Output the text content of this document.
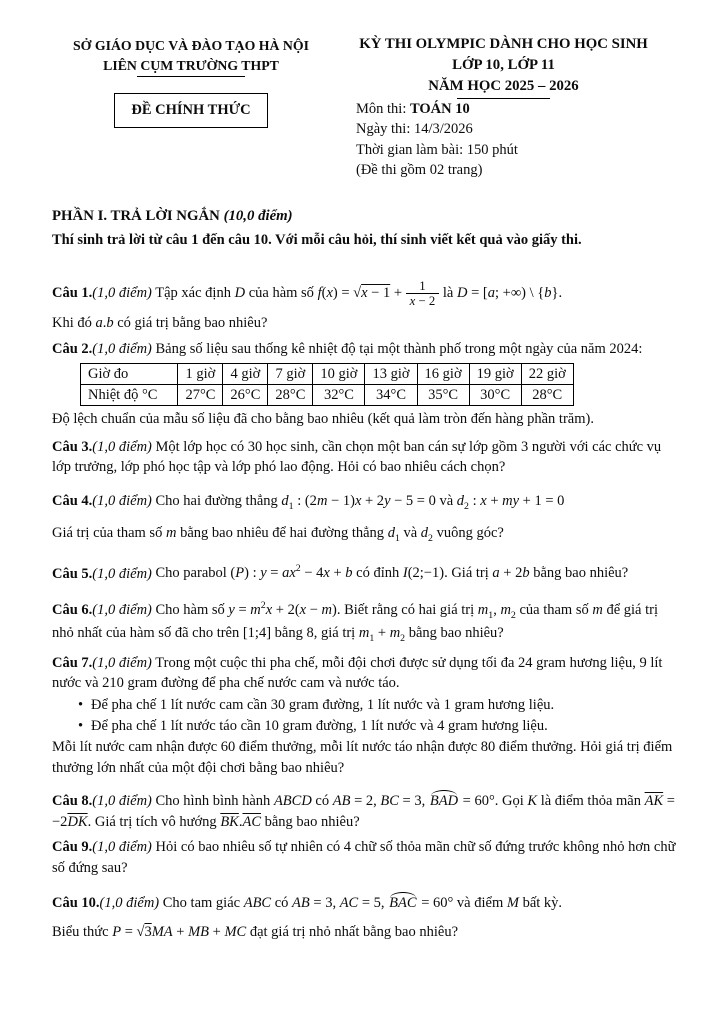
SỞ GIÁO DỤC VÀ ĐÀO TẠO HÀ NỘI
LIÊN CỤM TRƯỜNG THPT
ĐỀ CHÍNH THỨC
KỲ THI OLYMPIC DÀNH CHO HỌC SINH
LỚP 10, LỚP 11
NĂM HỌC 2025 – 2026
Môn thi: TOÁN 10
Ngày thi: 14/3/2026
Thời gian làm bài: 150 phút
(Đề thi gồm 02 trang)
PHẦN I. TRẢ LỜI NGẮN (10,0 điểm)
Thí sinh trả lời từ câu 1 đến câu 10. Với mỗi câu hỏi, thí sinh viết kết quả vào giấy thi.

Câu 1.(1,0 điểm) Tập xác định D của hàm số $f(x) = √x - 1 + \frac{1}{x - 2}$ là D = [a; +∞) \ {b}.

Khi đó a.b có giá trị bằng bao nhiêu?

Câu 2.(1,0 điểm) Bảng số liệu sau thống kê nhiệt độ tại một thành phố trong một ngày của năm 2024:

Giờ đo	1 giờ	4 giờ	7 giờ	10 giờ	13 giờ	16 giờ	19 giờ	22 giờ
Nhiệt độ °C	27°C	26°C	28°C	32°C	34°C	35°C	30°C	28°C

Độ lệch chuẩn của mẫu số liệu đã cho bằng bao nhiêu (kết quả làm tròn đến hàng phần trăm).

Câu 3.(1,0 điểm) Một lớp học có 30 học sinh, cần chọn một ban cán sự lớp gồm 3 người với các chức vụ lớp trưởng, lớp phó học tập và lớp phó lao động. Hỏi có bao nhiêu cách chọn?

Câu 4.(1,0 điểm) Cho hai đường thẳng $d_1$ : (2m − 1)x + 2y − 5 = 0 và $d_2$ : x + my + 1 = 0

Giá trị của tham số m bằng bao nhiêu để hai đường thẳng $d_1$ và $d_2$ vuông góc?

Câu 5.(1,0 điểm) Cho parabol (P) : $y = ax^2 - 4x + b$ có đỉnh I(2;−1). Giá trị a + 2b bằng bao nhiêu?

Câu 6.(1,0 điểm) Cho hàm số $y = m^2x + 2(x - m)$. Biết rằng có hai giá trị $m_1$, $m_2$ của tham số m để giá trị nhỏ nhất của hàm số đã cho trên [1;4] bằng 8, giá trị $m_1 + m_2$ bằng bao nhiêu?

Câu 7.(1,0 điểm) Trong một cuộc thi pha chế, mỗi đội chơi được sử dụng tối đa 24 gram hương liệu, 9 lít nước và 210 gram đường để pha chế nước cam và nước táo.

• Để pha chế 1 lít nước cam cần 30 gram đường, 1 lít nước và 1 gram hương liệu.

• Để pha chế 1 lít nước táo cần 10 gram đường, 1 lít nước và 4 gram hương liệu.

Mỗi lít nước cam nhận được 60 điểm thưởng, mỗi lít nước táo nhận được 80 điểm thưởng. Hỏi giá trị điểm thưởng lớn nhất của một đội chơi bằng bao nhiêu?

Câu 8.(1,0 điểm) Cho hình bình hành ABCD có AB = 2, BC = 3, BAD = 60°. Gọi K là điểm thỏa mãn $\overline{AK} = -2\overline{DK}$. Giá trị tích vô hướng $\overline{BK}.\overline{AC}$ bằng bao nhiêu?

Câu 9.(1,0 điểm) Hỏi có bao nhiêu số tự nhiên có 4 chữ số thỏa mãn chữ số đứng trước không nhỏ hơn chữ số đứng sau?

Câu 10.(1,0 điểm) Cho tam giác ABC có AB = 3, AC = 5, BAC = 60° và điểm M bất kỳ.

Biểu thức P = √3MA + MB + MC đạt giá trị nhỏ nhất bằng bao nhiêu?
